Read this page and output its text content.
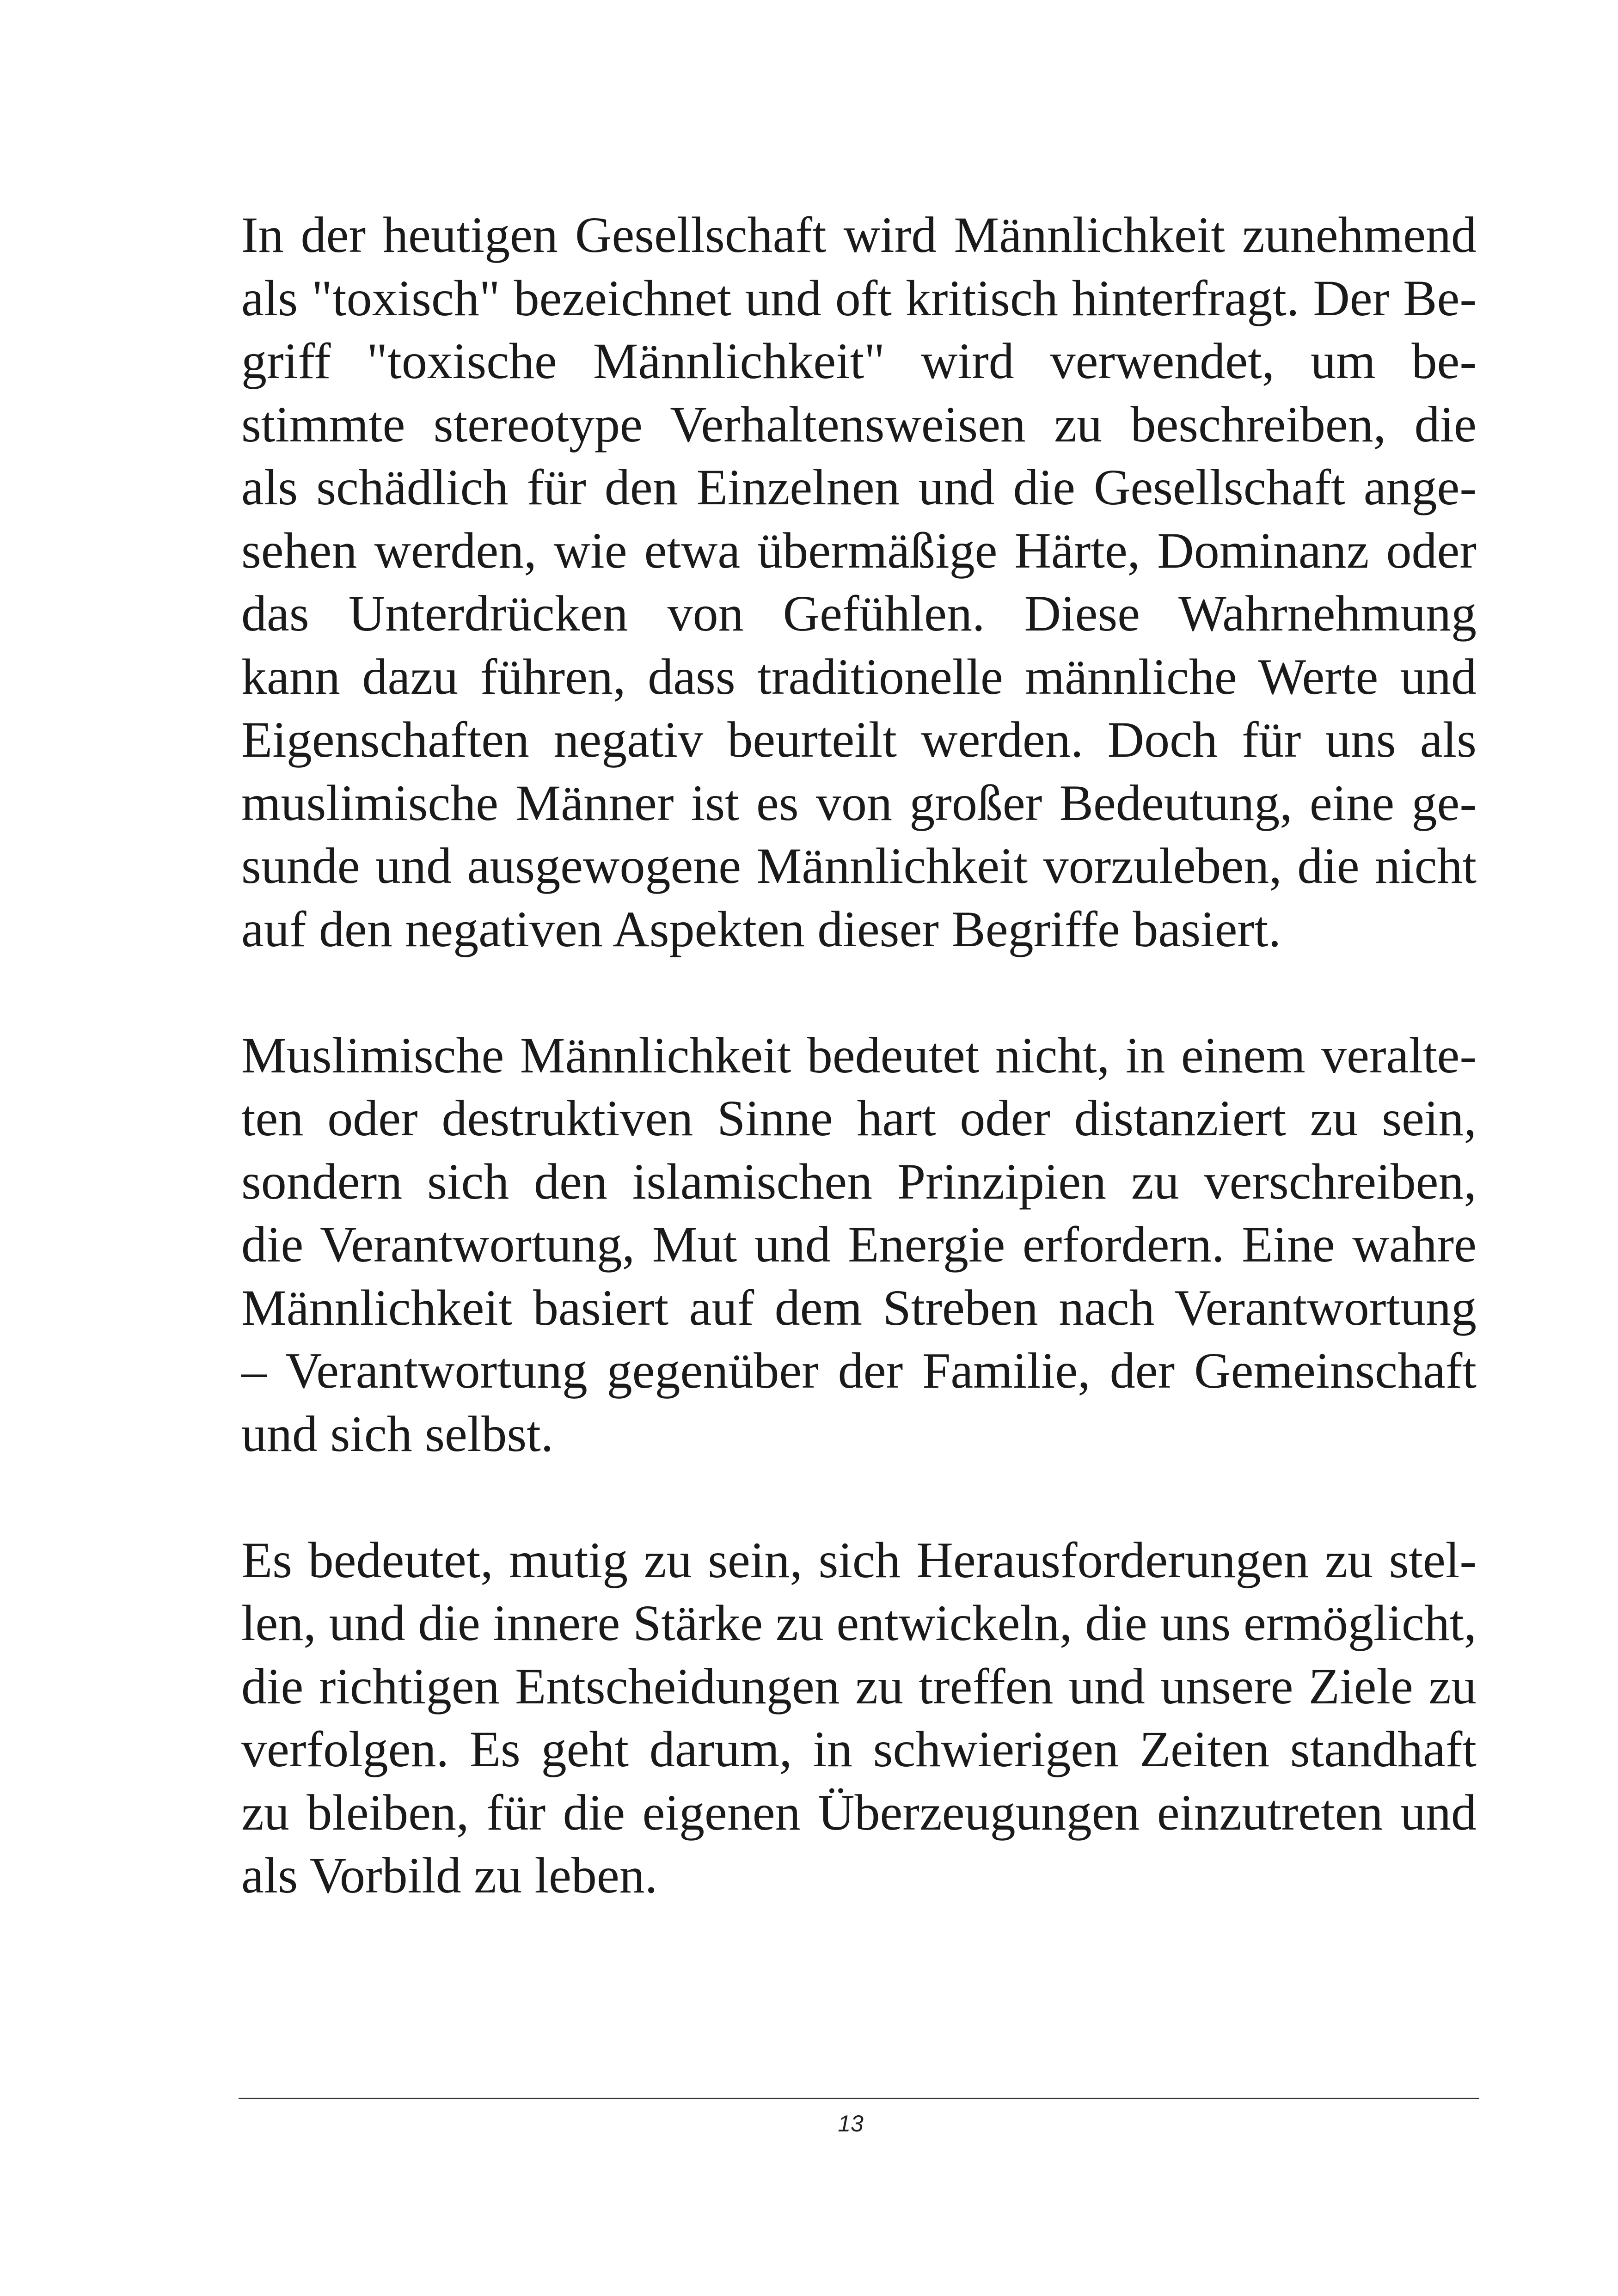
In der heutigen Gesellschaft wird Männlichkeit zunehmend
als "toxisch" bezeichnet und oft kritisch hinterfragt. Der Be-
griff "toxische Männlichkeit" wird verwendet, um be-
stimmte stereotype Verhaltensweisen zu beschreiben, die
als schädlich für den Einzelnen und die Gesellschaft ange-
sehen werden, wie etwa übermäßige Härte, Dominanz oder
das Unterdrücken von Gefühlen. Diese Wahrnehmung
kann dazu führen, dass traditionelle männliche Werte und
Eigenschaften negativ beurteilt werden. Doch für uns als
muslimische Männer ist es von großer Bedeutung, eine ge-
sunde und ausgewogene Männlichkeit vorzuleben, die nicht
auf den negativen Aspekten dieser Begriffe basiert.
Muslimische Männlichkeit bedeutet nicht, in einem veralte-
ten oder destruktiven Sinne hart oder distanziert zu sein,
sondern sich den islamischen Prinzipien zu verschreiben,
die Verantwortung, Mut und Energie erfordern. Eine wahre
Männlichkeit basiert auf dem Streben nach Verantwortung
– Verantwortung gegenüber der Familie, der Gemeinschaft
und sich selbst.
Es bedeutet, mutig zu sein, sich Herausforderungen zu stel-
len, und die innere Stärke zu entwickeln, die uns ermöglicht,
die richtigen Entscheidungen zu treffen und unsere Ziele zu
verfolgen. Es geht darum, in schwierigen Zeiten standhaft
zu bleiben, für die eigenen Überzeugungen einzutreten und
als Vorbild zu leben.
13
